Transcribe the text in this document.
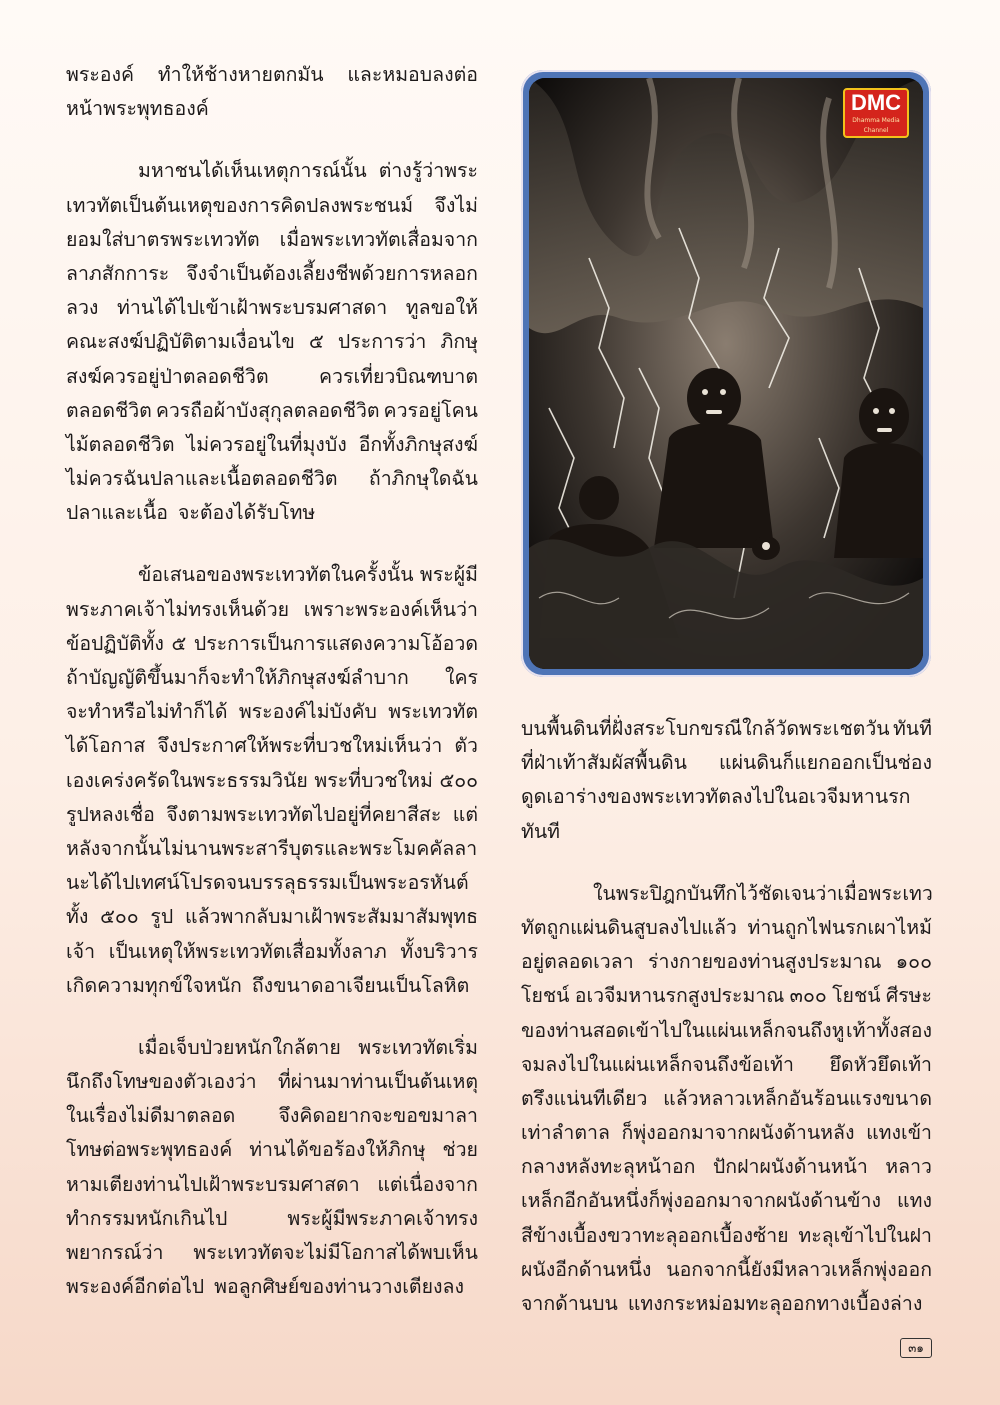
พระองค์ ทำให้ช้างหายตกมัน และหมอบลงต่อ
หน้าพระพุทธองค์
มหาชนได้เห็นเหตุการณ์นั้น ต่างรู้ว่าพระ
เทวทัตเป็นต้นเหตุของการคิดปลงพระชนม์ จึงไม่
ยอมใส่บาตรพระเทวทัต เมื่อพระเทวทัตเสื่อมจาก
ลาภสักการะ จึงจำเป็นต้องเลี้ยงชีพด้วยการหลอก
ลวง ท่านได้ไปเข้าเฝ้าพระบรมศาสดา ทูลขอให้
คณะสงฆ์ปฏิบัติตามเงื่อนไข ๕ ประการว่า ภิกษุ
สงฆ์ควรอยู่ป่าตลอดชีวิต	ควรเที่ยวบิณฑบาต
ตลอดชีวิต ควรถือผ้าบังสุกุลตลอดชีวิต ควรอยู่โคน
ไม้ตลอดชีวิต ไม่ควรอยู่ในที่มุงบัง อีกทั้งภิกษุสงฆ์
ไม่ควรฉันปลาและเนื้อตลอดชีวิต ถ้าภิกษุใดฉัน
ปลาและเนื้อ จะต้องได้รับโทษ
ข้อเสนอของพระเทวทัตในครั้งนั้น พระผู้มี
พระภาคเจ้าไม่ทรงเห็นด้วย เพราะพระองค์เห็นว่า
ข้อปฏิบัติทั้ง ๕ ประการเป็นการแสดงความโอ้อวด
ถ้าบัญญัติขึ้นมาก็จะทำให้ภิกษุสงฆ์ลำบาก ใคร
จะทำหรือไม่ทำก็ได้ พระองค์ไม่บังคับ พระเทวทัต
ได้โอกาส จึงประกาศให้พระที่บวชใหม่เห็นว่า ตัว
เองเคร่งครัดในพระธรรมวินัย พระที่บวชใหม่ ๕๐๐
รูปหลงเชื่อ จึงตามพระเทวทัตไปอยู่ที่คยาสีสะ แต่
หลังจากนั้นไม่นานพระสารีบุตรและพระโมคคัลลา
นะได้ไปเทศน์โปรดจนบรรลุธรรมเป็นพระอรหันต์
ทั้ง ๕๐๐ รูป แล้วพากลับมาเฝ้าพระสัมมาสัมพุทธ
เจ้า เป็นเหตุให้พระเทวทัตเสื่อมทั้งลาภ ทั้งบริวาร
เกิดความทุกข์ใจหนัก ถึงขนาดอาเจียนเป็นโลหิต
เมื่อเจ็บป่วยหนักใกล้ตาย พระเทวทัตเริ่ม
นึกถึงโทษของตัวเองว่า ที่ผ่านมาท่านเป็นต้นเหตุ
ในเรื่องไม่ดีมาตลอด จึงคิดอยากจะขอขมาลา
โทษต่อพระพุทธองค์ ท่านได้ขอร้องให้ภิกษุ ช่วย
หามเตียงท่านไปเฝ้าพระบรมศาสดา แต่เนื่องจาก
ทำกรรมหนักเกินไป	พระผู้มีพระภาคเจ้าทรง
พยากรณ์ว่า พระเทวทัตจะไม่มีโอกาสได้พบเห็น
พระองค์อีกต่อไป พอลูกศิษย์ของท่านวางเตียงลง
DMC
Dhamma Media Channel
บนพื้นดินที่ฝั่งสระโบกขรณีใกล้วัดพระเชตวัน ทันที
ที่ฝ่าเท้าสัมผัสพื้นดิน แผ่นดินก็แยกออกเป็นช่อง
ดูดเอาร่างของพระเทวทัตลงไปในอเวจีมหานรก
ทันที
ในพระปิฎกบันทึกไว้ชัดเจนว่า เมื่อพระเทว
ทัตถูกแผ่นดินสูบลงไปแล้ว ท่านถูกไฟนรกเผาไหม้
อยู่ตลอดเวลา ร่างกายของท่านสูงประมาณ ๑๐๐
โยชน์ อเวจีมหานรกสูงประมาณ ๓๐๐ โยชน์ ศีรษะ
ของท่านสอดเข้าไปในแผ่นเหล็กจนถึงหู เท้าทั้งสอง
จมลงไปในแผ่นเหล็กจนถึงข้อเท้า ยึดหัวยึดเท้า
ตรึงแน่นทีเดียว แล้วหลาวเหล็กอันร้อนแรงขนาด
เท่าลำตาล ก็พุ่งออกมาจากผนังด้านหลัง แทงเข้า
กลางหลังทะลุหน้าอก ปักฝาผนังด้านหน้า หลาว
เหล็กอีกอันหนึ่งก็พุ่งออกมาจากผนังด้านข้าง แทง
สีข้างเบื้องขวาทะลุออกเบื้องซ้าย ทะลุเข้าไปในฝา
ผนังอีกด้านหนึ่ง นอกจากนี้ยังมีหลาวเหล็กพุ่งออก
จากด้านบน แทงกระหม่อมทะลุออกทางเบื้องล่าง
๓๑
